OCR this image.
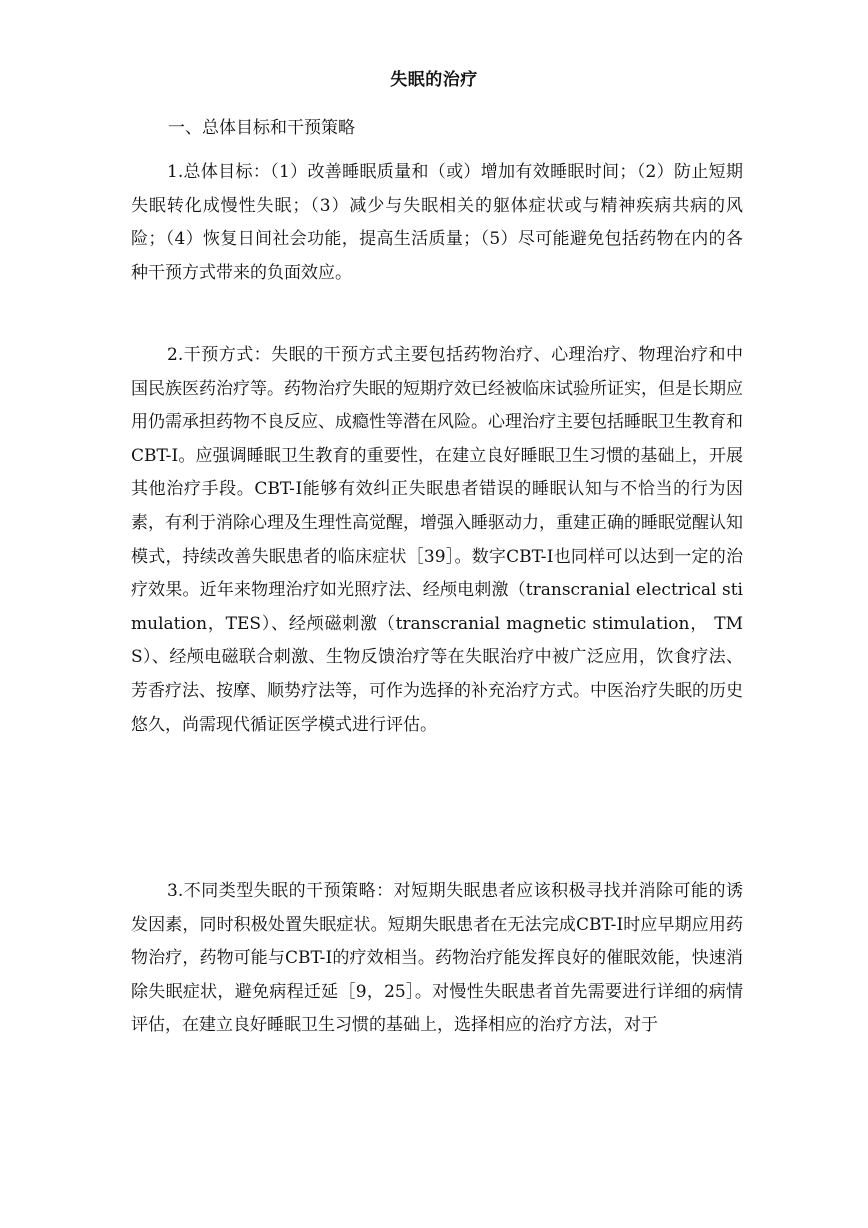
失眠的治疗
一、总体目标和干预策略

1.总体目标：（1）改善睡眠质量和（或）增加有效睡眠时间；（2）防止短期失眠转化成慢性失眠；（3）减少与失眠相关的躯体症状或与精神疾病共病的风险；（4）恢复日间社会功能，提高生活质量；（5）尽可能避免包括药物在内的各种干预方式带来的负面效应。

2.干预方式：失眠的干预方式主要包括药物治疗、心理治疗、物理治疗和中国民族医药治疗等。药物治疗失眠的短期疗效已经被临床试验所证实，但是长期应用仍需承担药物不良反应、成瘾性等潜在风险。心理治疗主要包括睡眠卫生教育和CBT-Ⅰ。应强调睡眠卫生教育的重要性，在建立良好睡眠卫生习惯的基础上，开展其他治疗手段。CBT-Ⅰ能够有效纠正失眠患者错误的睡眠认知与不恰当的行为因素，有利于消除心理及生理性高觉醒，增强入睡驱动力，重建正确的睡眠觉醒认知模式，持续改善失眠患者的临床症状［39］。数字CBT-Ⅰ也同样可以达到一定的治疗效果。近年来物理治疗如光照疗法、经颅电刺激（transcranial electrical stimulation，TES）、经颅磁刺激（transcranial magnetic stimulation， TMS）、经颅电磁联合刺激、生物反馈治疗等在失眠治疗中被广泛应用，饮食疗法、芳香疗法、按摩、顺势疗法等，可作为选择的补充治疗方式。中医治疗失眠的历史悠久，尚需现代循证医学模式进行评估。

3.不同类型失眠的干预策略：对短期失眠患者应该积极寻找并消除可能的诱发因素，同时积极处置失眠症状。短期失眠患者在无法完成CBT-Ⅰ时应早期应用药物治疗，药物可能与CBT-Ⅰ的疗效相当。药物治疗能发挥良好的催眠效能，快速消除失眠症状，避免病程迁延［9，25］。对慢性失眠患者首先需要进行详细的病情评估，在建立良好睡眠卫生习惯的基础上，选择相应的治疗方法，对于
